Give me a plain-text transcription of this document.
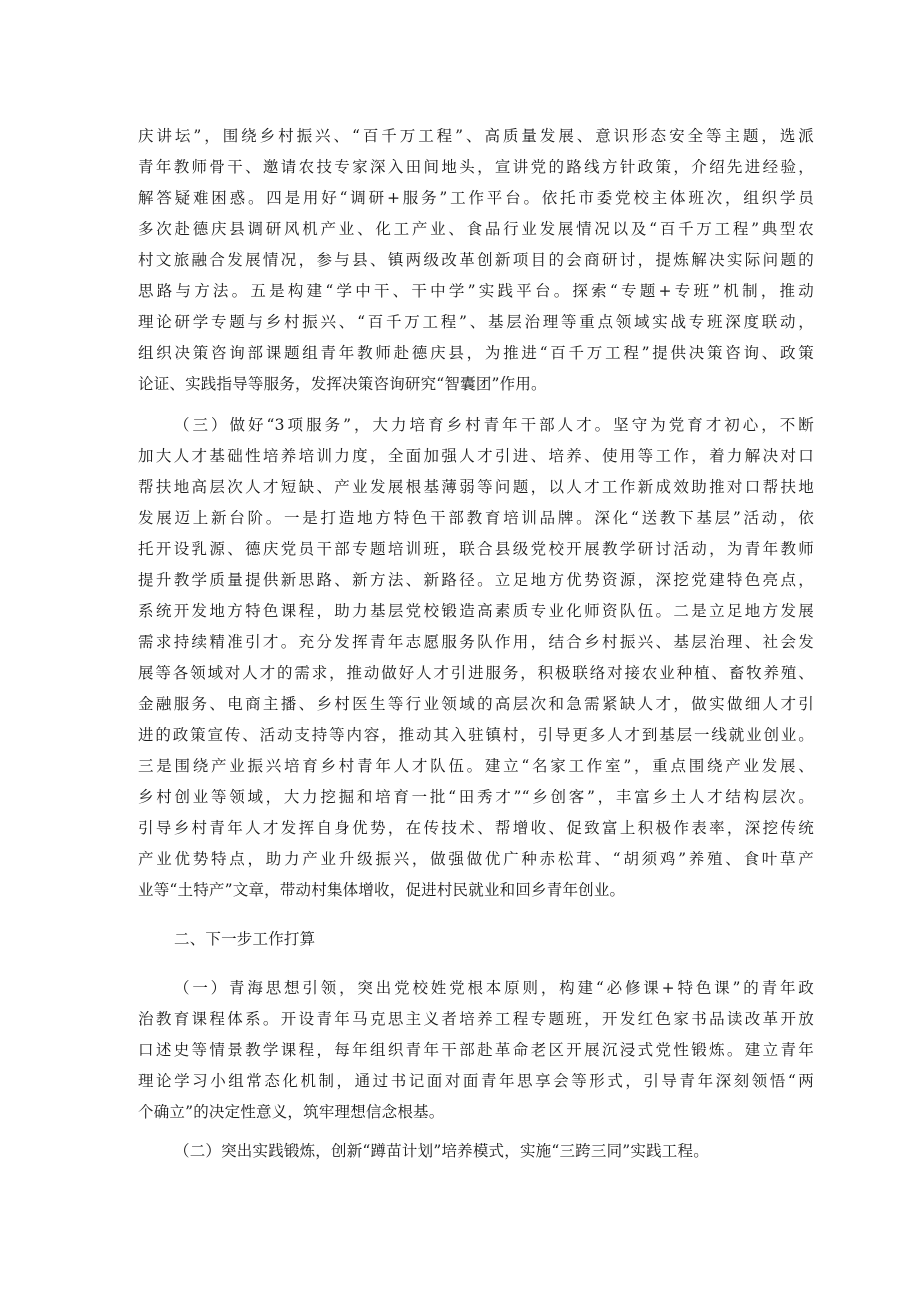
庆讲坛”，围绕乡村振兴、“百千万工程”、高质量发展、意识形态安全等主题，选派
青年教师骨干、邀请农技专家深入田间地头，宣讲党的路线方针政策，介绍先进经验，
解答疑难困惑。四是用好“调研+服务”工作平台。依托市委党校主体班次，组织学员
多次赴德庆县调研风机产业、化工产业、食品行业发展情况以及“百千万工程”典型农
村文旅融合发展情况，参与县、镇两级改革创新项目的会商研讨，提炼解决实际问题的
思路与方法。五是构建“学中干、干中学”实践平台。探索“专题+专班”机制，推动
理论研学专题与乡村振兴、“百千万工程”、基层治理等重点领域实战专班深度联动，
组织决策咨询部课题组青年教师赴德庆县，为推进“百千万工程”提供决策咨询、政策
论证、实践指导等服务，发挥决策咨询研究“智囊团”作用。
（三）做好“3项服务”，大力培育乡村青年干部人才。坚守为党育才初心，不断
加大人才基础性培养培训力度，全面加强人才引进、培养、使用等工作，着力解决对口
帮扶地高层次人才短缺、产业发展根基薄弱等问题，以人才工作新成效助推对口帮扶地
发展迈上新台阶。一是打造地方特色干部教育培训品牌。深化“送教下基层”活动，依
托开设乳源、德庆党员干部专题培训班，联合县级党校开展教学研讨活动，为青年教师
提升教学质量提供新思路、新方法、新路径。立足地方优势资源，深挖党建特色亮点，
系统开发地方特色课程，助力基层党校锻造高素质专业化师资队伍。二是立足地方发展
需求持续精准引才。充分发挥青年志愿服务队作用，结合乡村振兴、基层治理、社会发
展等各领域对人才的需求，推动做好人才引进服务，积极联络对接农业种植、畜牧养殖、
金融服务、电商主播、乡村医生等行业领域的高层次和急需紧缺人才，做实做细人才引
进的政策宣传、活动支持等内容，推动其入驻镇村，引导更多人才到基层一线就业创业。
三是围绕产业振兴培育乡村青年人才队伍。建立“名家工作室”，重点围绕产业发展、
乡村创业等领域，大力挖掘和培育一批“田秀才”“乡创客”，丰富乡土人才结构层次。
引导乡村青年人才发挥自身优势，在传技术、帮增收、促致富上积极作表率，深挖传统
产业优势特点，助力产业升级振兴，做强做优广种赤松茸、“胡须鸡”养殖、食叶草产
业等“土特产”文章，带动村集体增收，促进村民就业和回乡青年创业。
二、下一步工作打算
（一）青海思想引领，突出党校姓党根本原则，构建“必修课+特色课”的青年政
治教育课程体系。开设青年马克思主义者培养工程专题班，开发红色家书品读改革开放
口述史等情景教学课程，每年组织青年干部赴革命老区开展沉浸式党性锻炼。建立青年
理论学习小组常态化机制，通过书记面对面青年思享会等形式，引导青年深刻领悟“两
个确立”的决定性意义，筑牢理想信念根基。
（二）突出实践锻炼，创新“蹲苗计划”培养模式，实施“三跨三同”实践工程。
